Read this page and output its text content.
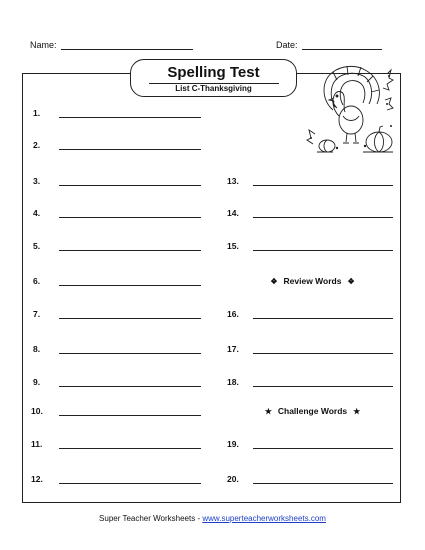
Name:	Date:
Spelling Test
List C-Thanksgiving
1.
2.
3.
4.
5.
6.
7.
8.
9.
10.
11.
12.
13.
14.
15.
16.
17.
18.
19.
20.
❖ Review Words ❖
★ Challenge Words ★
Super Teacher Worksheets - www.superteacherworksheets.com
